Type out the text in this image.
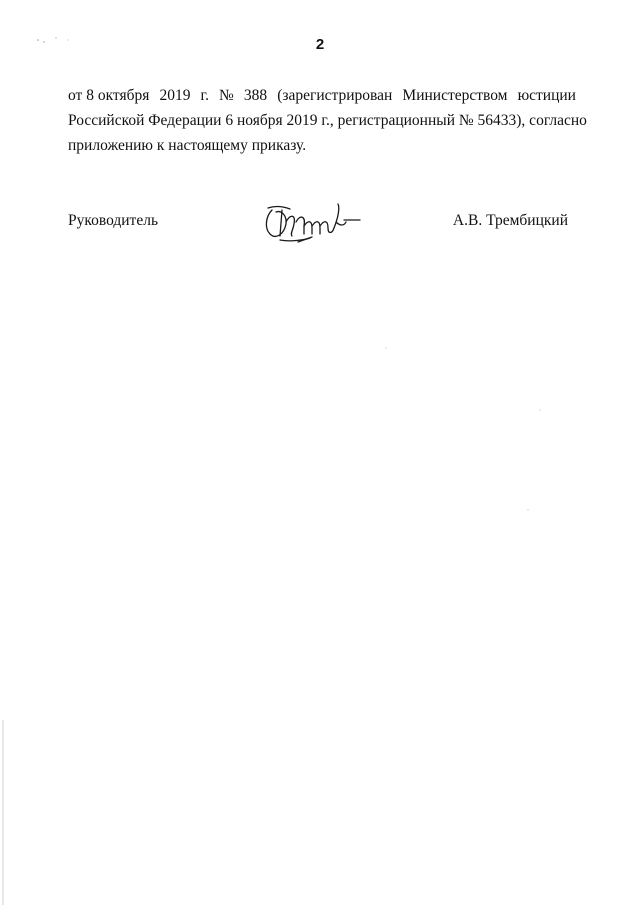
2
от 8 октября 2019 г. № 388 (зарегистрирован Министерством юстиции
Российской Федерации 6 ноября 2019 г., регистрационный № 56433), согласно
приложению к настоящему приказу.
Руководитель	А.В. Трембицкий
